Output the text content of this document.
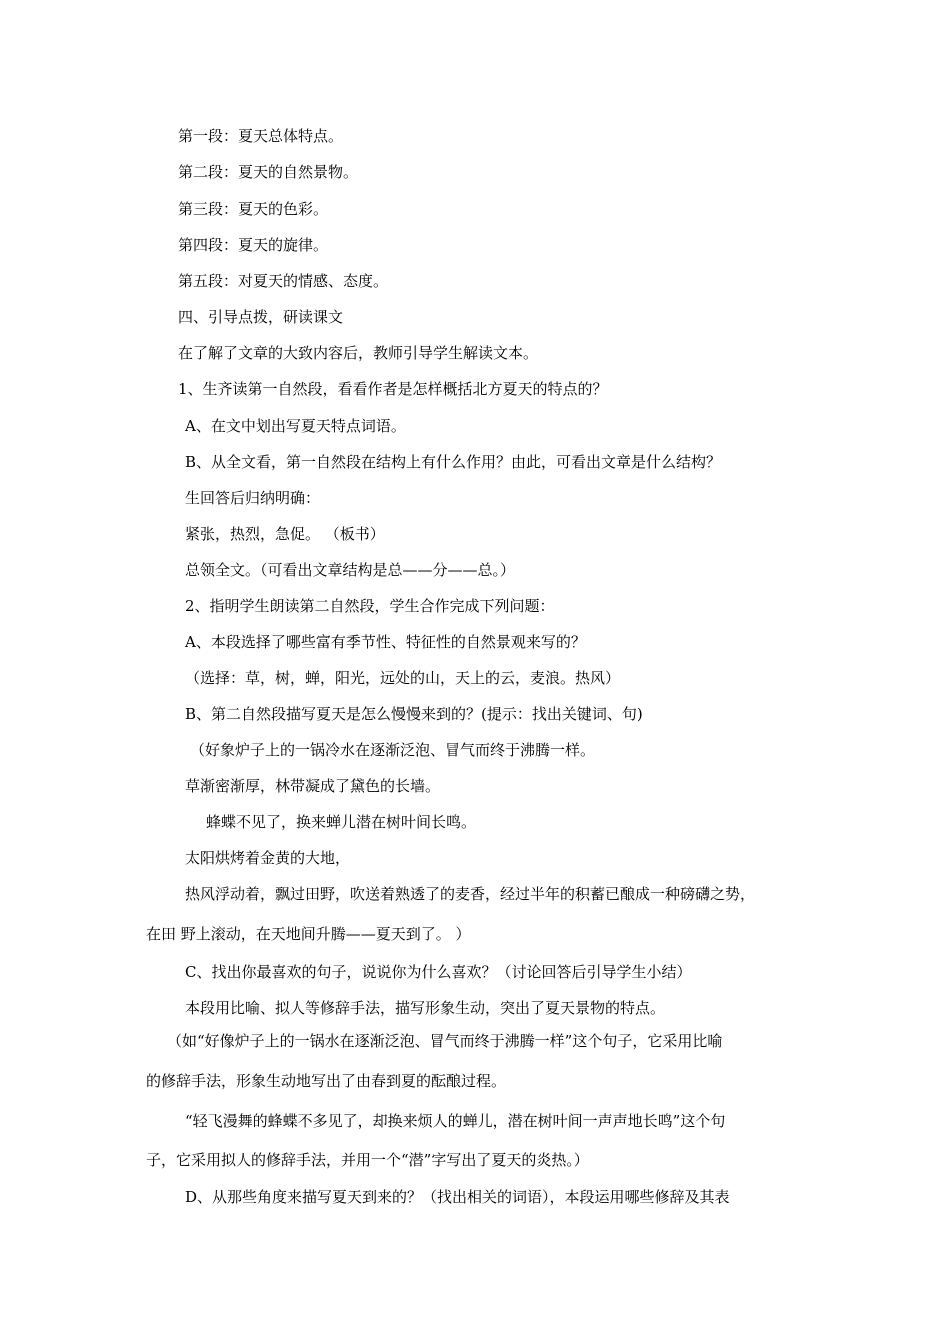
第一段：夏天总体特点。
第二段：夏天的自然景物。
第三段：夏天的色彩。
第四段：夏天的旋律。
第五段：对夏天的情感、态度。
四、引导点拨，研读课文
在了解了文章的大致内容后，教师引导学生解读文本。
1、生齐读第一自然段，看看作者是怎样概括北方夏天的特点的？
A、在文中划出写夏天特点词语。
B、从全文看，第一自然段在结构上有什么作用？由此，可看出文章是什么结构？
生回答后归纳明确：
紧张，热烈，急促。 （板书）
总领全文。（可看出文章结构是总——分——总。）
2、指明学生朗读第二自然段，学生合作完成下列问题：
A、本段选择了哪些富有季节性、特征性的自然景观来写的？
（选择：草，树，蝉，阳光，远处的山，天上的云，麦浪。热风）
B、第二自然段描写夏天是怎么慢慢来到的？(提示：找出关键词、句)
（好象炉子上的一锅冷水在逐渐泛泡、冒气而终于沸腾一样。
草渐密渐厚，林带凝成了黛色的长墙。
蜂蝶不见了，换来蝉儿潜在树叶间长鸣。
太阳烘烤着金黄的大地，
热风浮动着，飘过田野，吹送着熟透了的麦香，经过半年的积蓄已酿成一种磅礴之势，
在田 野上滚动，在天地间升腾——夏天到了。 ）
C、找出你最喜欢的句子，说说你为什么喜欢？（讨论回答后引导学生小结）
本段用比喻、拟人等修辞手法，描写形象生动，突出了夏天景物的特点。
（如“好像炉子上的一锅水在逐渐泛泡、冒气而终于沸腾一样”这个句子，它采用比喻
的修辞手法，形象生动地写出了由春到夏的酝酿过程。
“轻飞漫舞的蜂蝶不多见了，却换来烦人的蝉儿，潜在树叶间一声声地长鸣”这个句
子，它采用拟人的修辞手法，并用一个“潜”字写出了夏天的炎热。）
D、从那些角度来描写夏天到来的？（找出相关的词语），本段运用哪些修辞及其表
